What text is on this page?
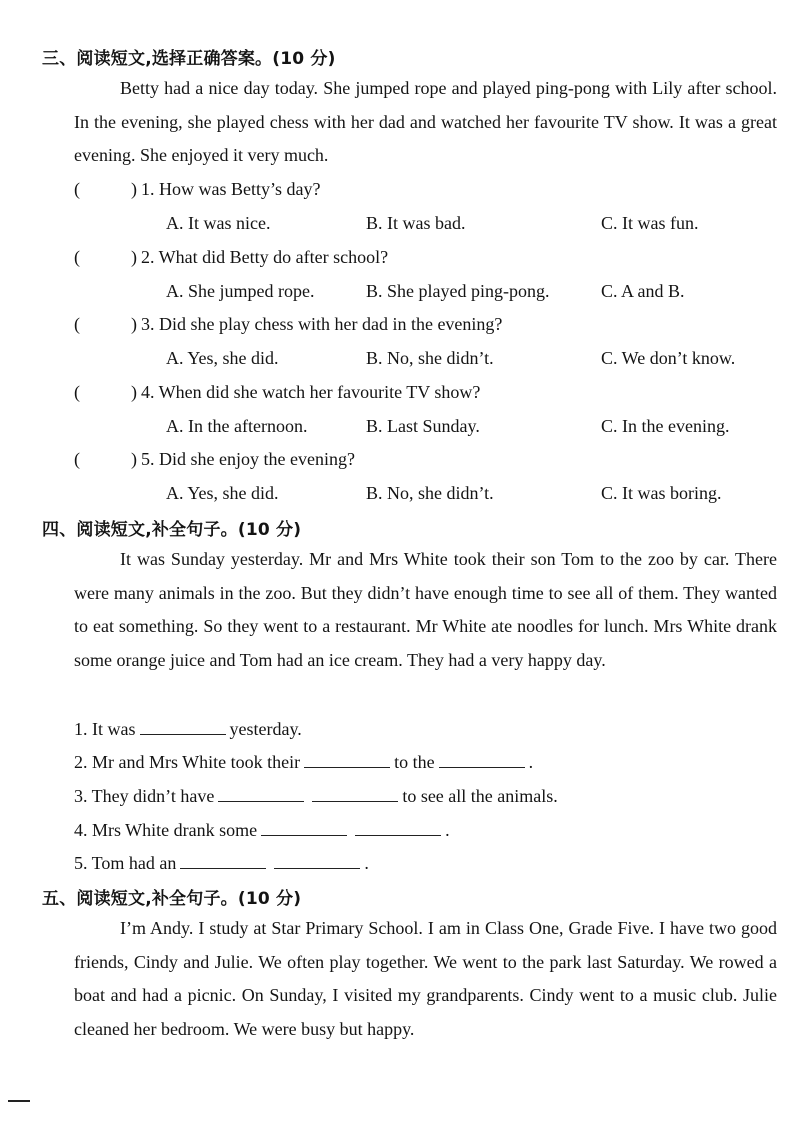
三、阅读短文,选择正确答案。(10 分)
Betty had a nice day today. She jumped rope and played ping-pong with Lily after school. In the evening, she played chess with her dad and watched her favourite TV show. It was a great evening. She enjoyed it very much.
(	) 1. How was Betty’s day?
A. It was nice.	B. It was bad.	C. It was fun.
(	) 2. What did Betty do after school?
A. She jumped rope.	B. She played ping-pong.	C. A and B.
(	) 3. Did she play chess with her dad in the evening?
A. Yes, she did.	B. No, she didn’t.	C. We don’t know.
(	) 4. When did she watch her favourite TV show?
A. In the afternoon.	B. Last Sunday.	C. In the evening.
(	) 5. Did she enjoy the evening?
A. Yes, she did.	B. No, she didn’t.	C. It was boring.
四、阅读短文,补全句子。(10 分)
It was Sunday yesterday. Mr and Mrs White took their son Tom to the zoo by car. There were many animals in the zoo. But they didn’t have enough time to see all of them. They wanted to eat something. So they went to a restaurant. Mr White ate noodles for lunch. Mrs White drank some orange juice and Tom had an ice cream. They had a very happy day.
1. It was	yesterday.
2. Mr and Mrs White took their	to the	.
3. They didn’t have	to see all the animals.
4. Mrs White drank some	.
5. Tom had an	.
五、阅读短文,补全句子。(10 分)
I’m Andy. I study at Star Primary School. I am in Class One, Grade Five. I have two good friends, Cindy and Julie. We often play together. We went to the park last Saturday. We rowed a boat and had a picnic. On Sunday, I visited my grandparents. Cindy went to a music club. Julie cleaned her bedroom. We were busy but happy.
